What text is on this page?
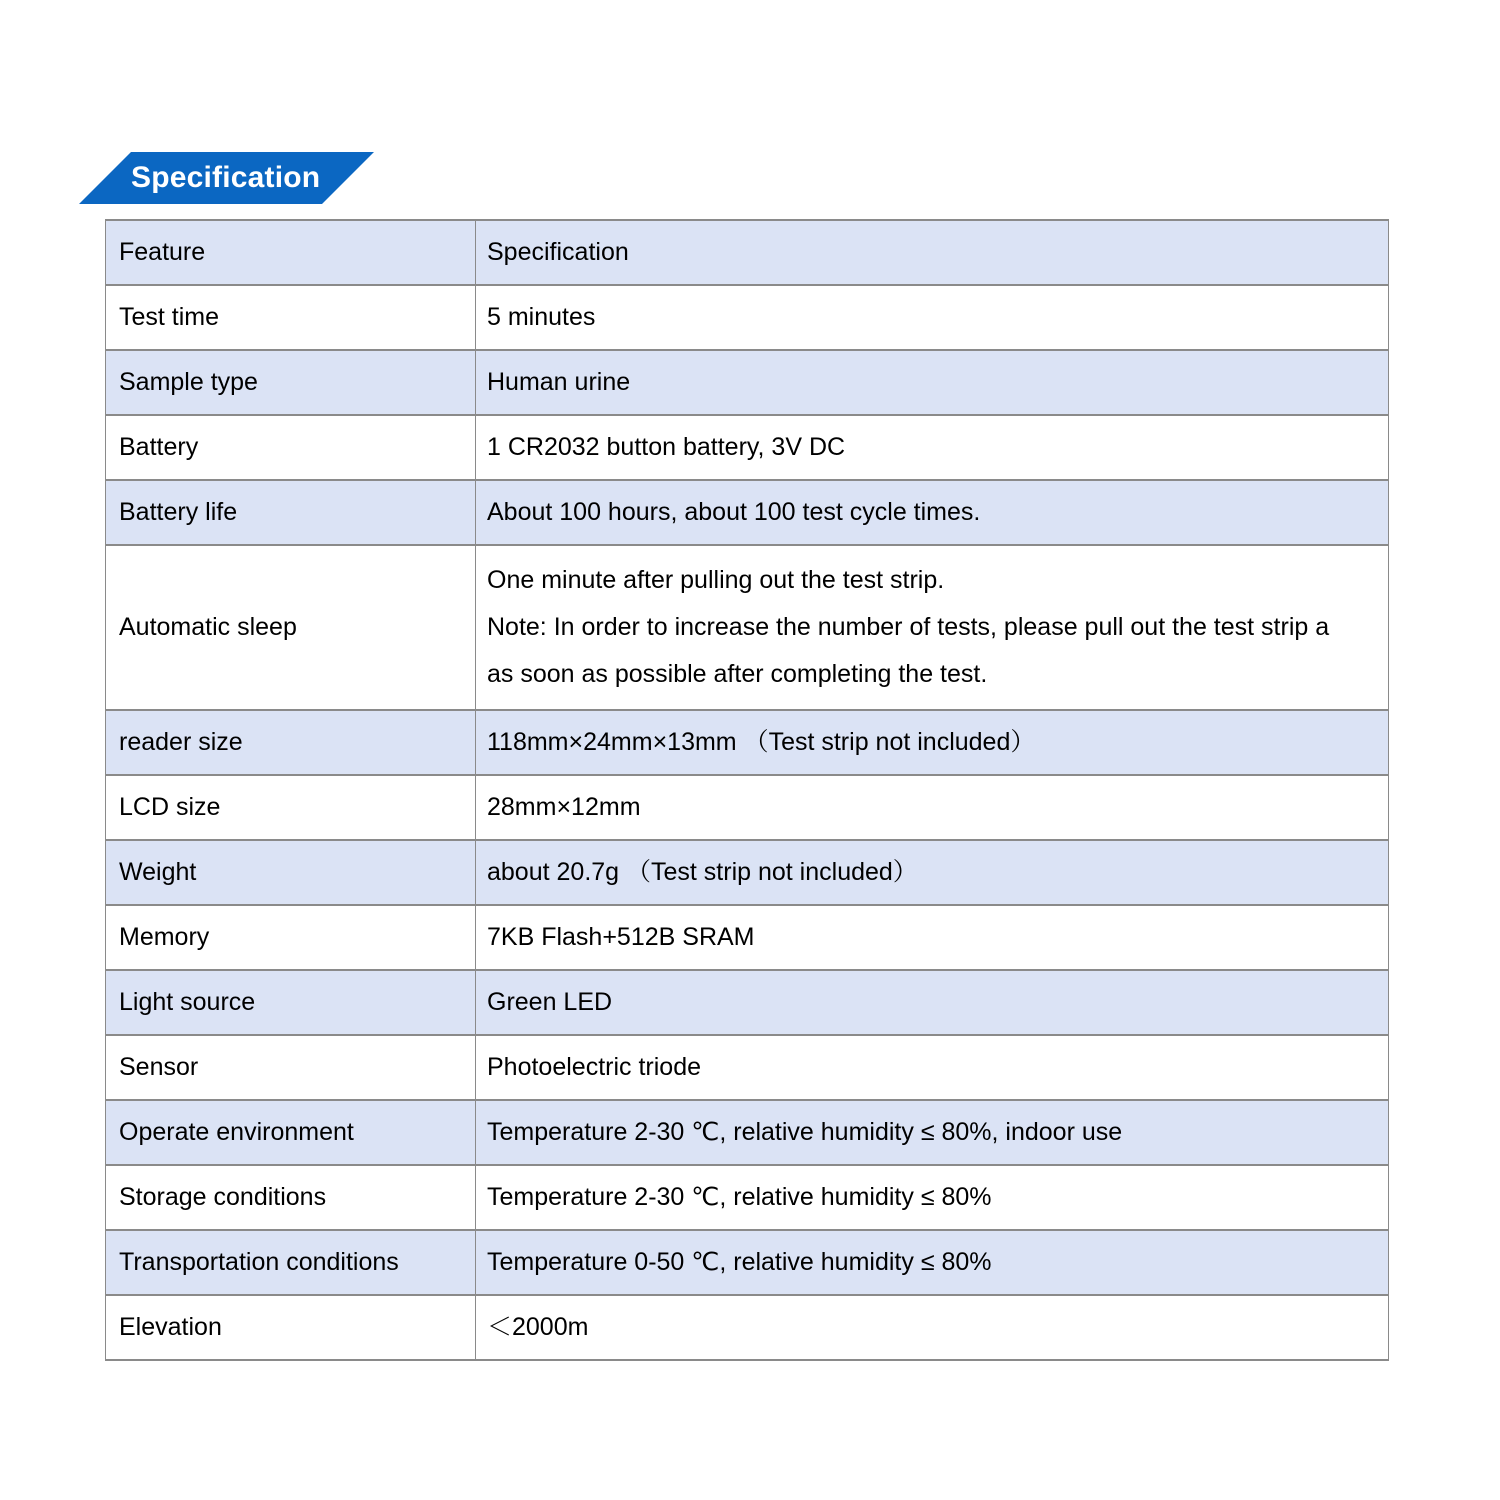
Specification
Feature	Specification
Test time	5 minutes
Sample type	Human urine
Battery	1 CR2032 button battery, 3V DC
Battery life	About 100 hours, about 100 test cycle times.
Automatic sleep	One minute after pulling out the test strip.
Note: In order to increase the number of tests, please pull out the test strip a
as soon as possible after completing the test.

reader size	118mm×24mm×13mm （Test strip not included）
LCD size	28mm×12mm
Weight	about 20.7g （Test strip not included）
Memory	7KB Flash+512B SRAM
Light source	Green LED
Sensor	Photoelectric triode
Operate environment	Temperature 2-30 ℃, relative humidity ≤ 80%, indoor use
Storage conditions	Temperature 2-30 ℃, relative humidity ≤ 80%
Transportation conditions	Temperature 0-50 ℃, relative humidity ≤ 80%
Elevation	＜2000m
